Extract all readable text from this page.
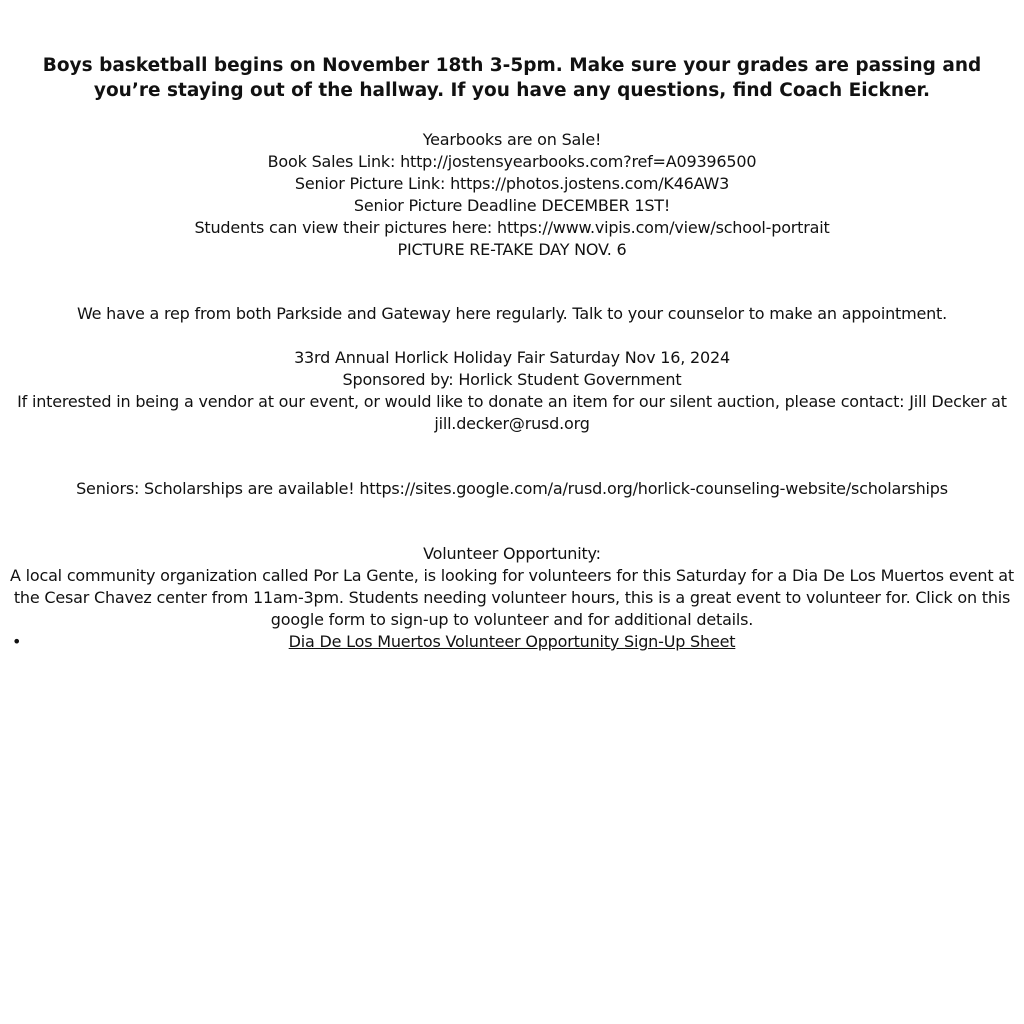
Boys basketball begins on November 18th 3-5pm. Make sure your grades are passing and you’re staying out of the hallway. If you have any questions, find Coach Eickner.
Yearbooks are on Sale!
Book Sales Link: http://jostensyearbooks.com?ref=A09396500
Senior Picture Link: https://photos.jostens.com/K46AW3
Senior Picture Deadline DECEMBER 1ST!
Students can view their pictures here: https://www.vipis.com/view/school-portrait
PICTURE RE-TAKE DAY NOV. 6
We have a rep from both Parkside and Gateway here regularly. Talk to your counselor to make an appointment.
33rd Annual Horlick Holiday Fair Saturday Nov 16, 2024
Sponsored by: Horlick Student Government
If interested in being a vendor at our event, or would like to donate an item for our silent auction, please contact: Jill Decker at jill.decker@rusd.org
Seniors: Scholarships are available! https://sites.google.com/a/rusd.org/horlick-counseling-website/scholarships
Volunteer Opportunity:
A local community organization called Por La Gente, is looking for volunteers for this Saturday for a Dia De Los Muertos event at the Cesar Chavez center from 11am-3pm. Students needing volunteer hours, this is a great event to volunteer for. Click on this google form to sign-up to volunteer and for additional details.
•	Dia De Los Muertos Volunteer Opportunity Sign-Up Sheet
